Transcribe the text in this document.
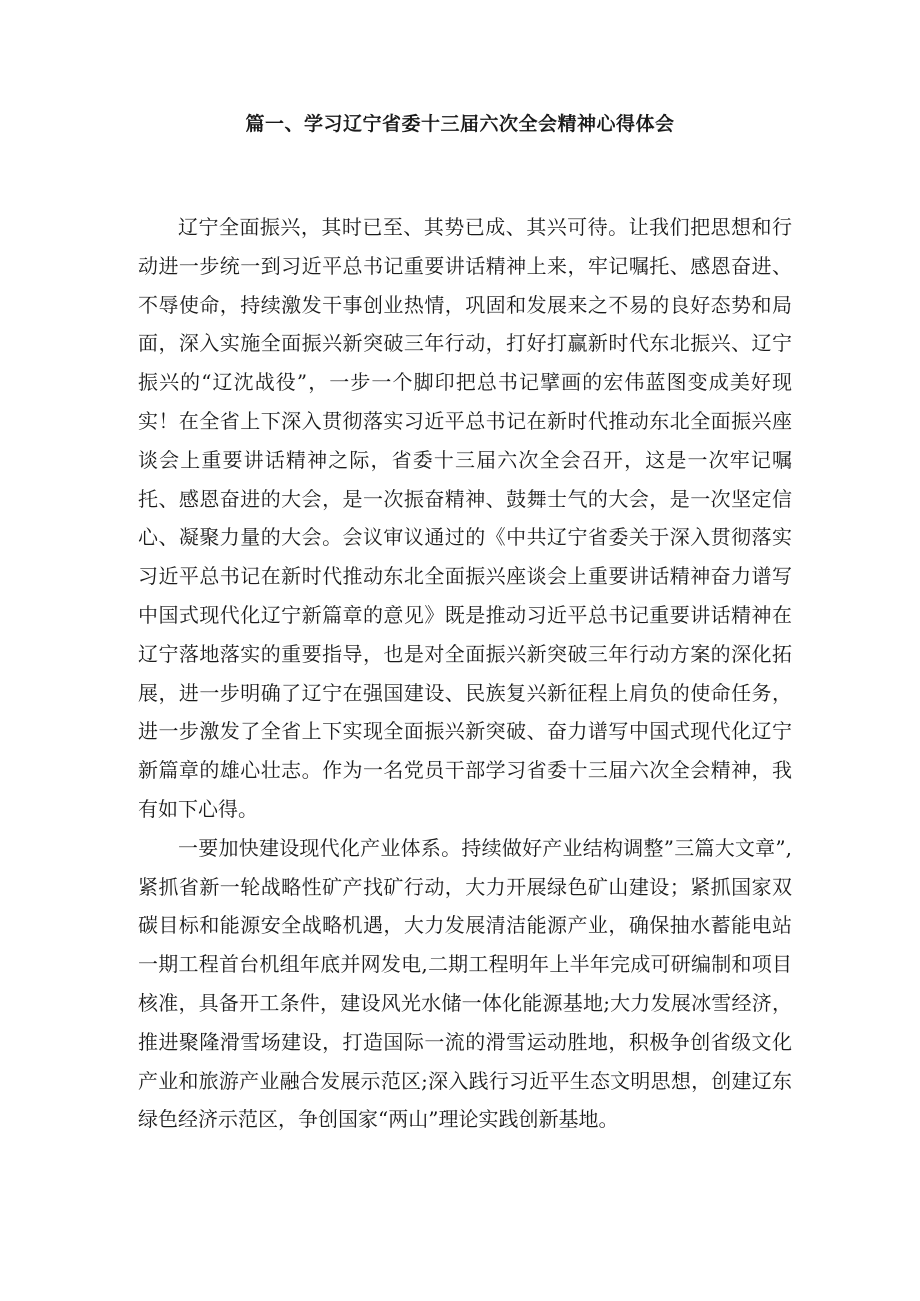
篇一、学习辽宁省委十三届六次全会精神心得体会

辽宁全面振兴，其时已至、其势已成、其兴可待。让我们把思想和行动进一步统一到习近平总书记重要讲话精神上来，牢记嘱托、感恩奋进、不辱使命，持续激发干事创业热情，巩固和发展来之不易的良好态势和局面，深入实施全面振兴新突破三年行动，打好打赢新时代东北振兴、辽宁振兴的“辽沈战役”，一步一个脚印把总书记擘画的宏伟蓝图变成美好现实！在全省上下深入贯彻落实习近平总书记在新时代推动东北全面振兴座谈会上重要讲话精神之际，省委十三届六次全会召开，这是一次牢记嘱托、感恩奋进的大会，是一次振奋精神、鼓舞士气的大会，是一次坚定信心、凝聚力量的大会。会议审议通过的《中共辽宁省委关于深入贯彻落实习近平总书记在新时代推动东北全面振兴座谈会上重要讲话精神奋力谱写中国式现代化辽宁新篇章的意见》既是推动习近平总书记重要讲话精神在辽宁落地落实的重要指导，也是对全面振兴新突破三年行动方案的深化拓展，进一步明确了辽宁在强国建设、民族复兴新征程上肩负的使命任务，进一步激发了全省上下实现全面振兴新突破、奋力谱写中国式现代化辽宁新篇章的雄心壮志。作为一名党员干部学习省委十三届六次全会精神，我有如下心得。

一要加快建设现代化产业体系。持续做好产业结构调整”三篇大文章”,紧抓省新一轮战略性矿产找矿行动，大力开展绿色矿山建设；紧抓国家双碳目标和能源安全战略机遇，大力发展清洁能源产业，确保抽水蓄能电站一期工程首台机组年底并网发电,二期工程明年上半年完成可研编制和项目核准，具备开工条件，建设风光水储一体化能源基地;大力发展冰雪经济，推进聚隆滑雪场建设，打造国际一流的滑雪运动胜地，积极争创省级文化产业和旅游产业融合发展示范区;深入践行习近平生态文明思想，创建辽东绿色经济示范区，争创国家“两山”理论实践创新基地。
